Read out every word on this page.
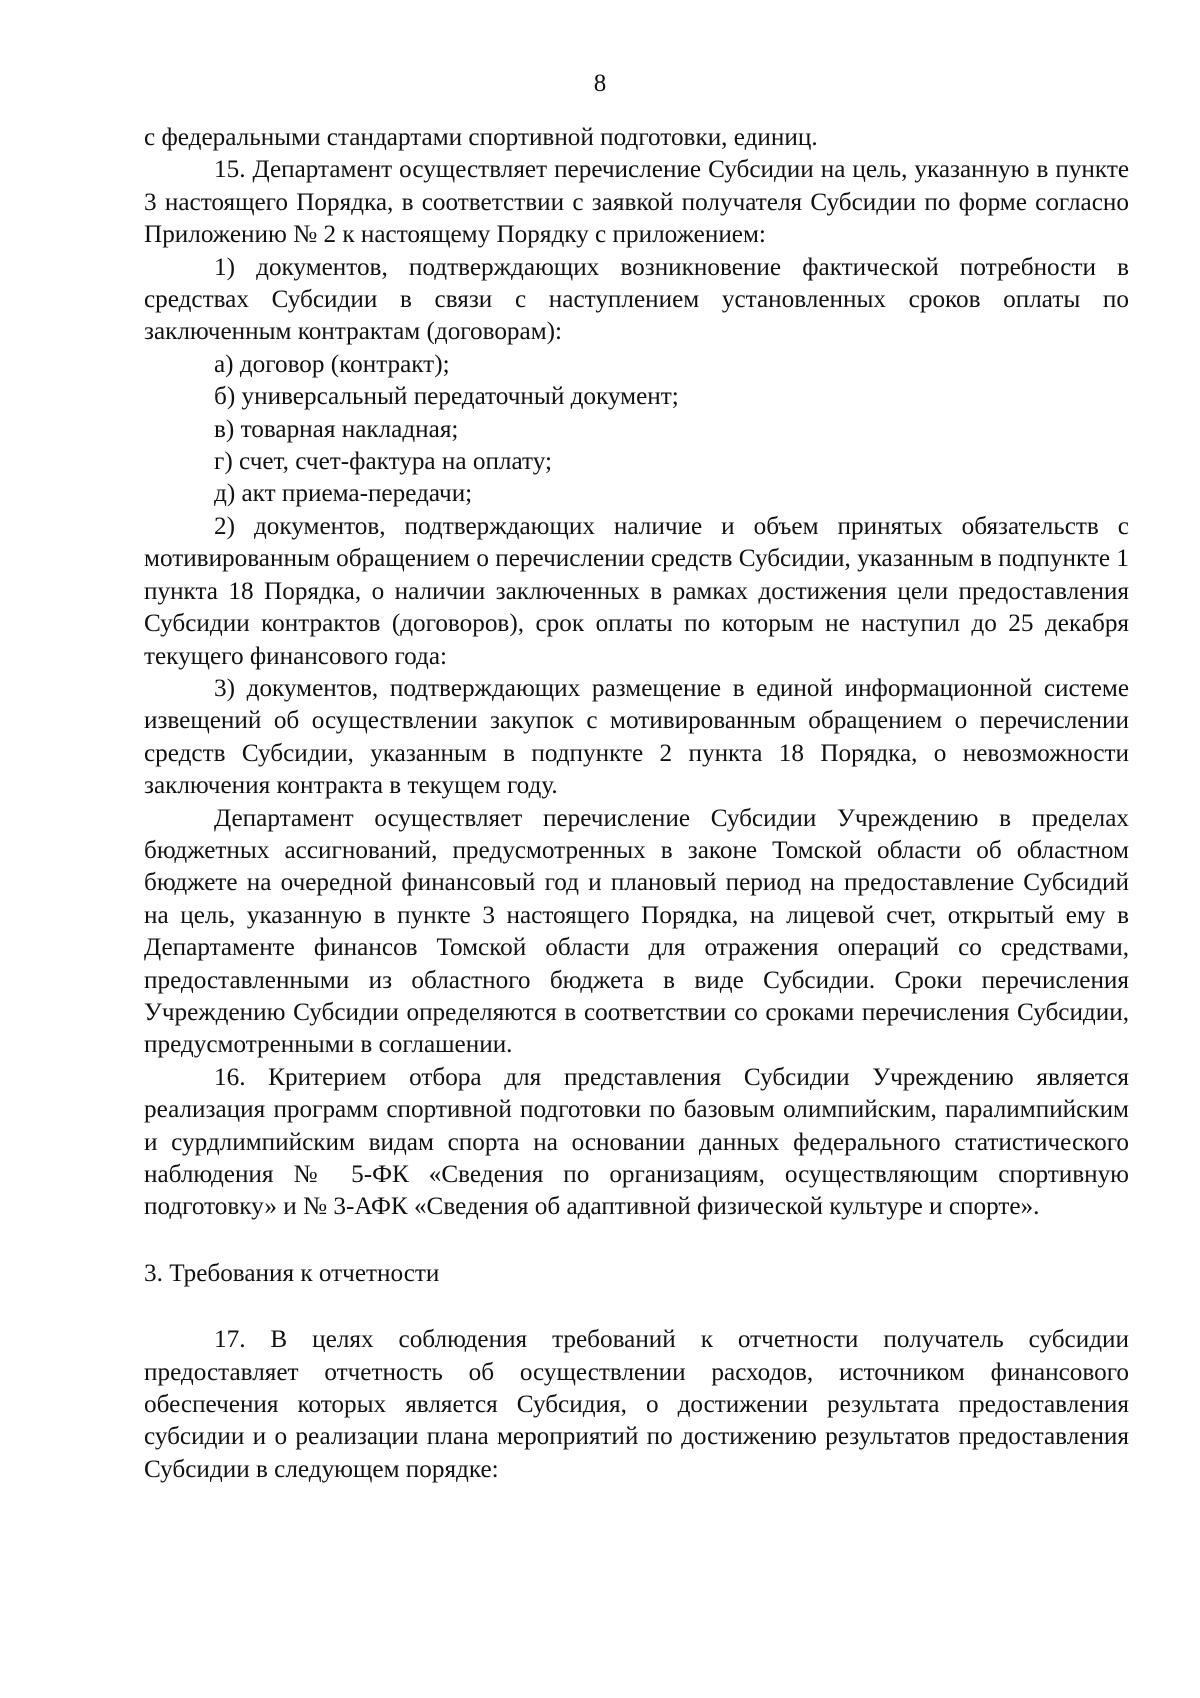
8

с федеральными стандартами спортивной подготовки, единиц.

15. Департамент осуществляет перечисление Субсидии на цель, указанную в пункте 3 настоящего Порядка, в соответствии с заявкой получателя Субсидии по форме согласно Приложению № 2 к настоящему Порядку с приложением:

1) документов, подтверждающих возникновение фактической потребности в средствах Субсидии в связи с наступлением установленных сроков оплаты по заключенным контрактам (договорам):

а) договор (контракт);

б) универсальный передаточный документ;

в) товарная накладная;

г) счет, счет-фактура на оплату;

д) акт приема-передачи;

2) документов, подтверждающих наличие и объем принятых обязательств с мотивированным обращением о перечислении средств Субсидии, указанным в подпункте 1 пункта 18 Порядка, о наличии заключенных в рамках достижения цели предоставления Субсидии контрактов (договоров), срок оплаты по которым не наступил до 25 декабря текущего финансового года:

3) документов, подтверждающих размещение в единой информационной системе извещений об осуществлении закупок с мотивированным обращением о перечислении средств Субсидии, указанным в подпункте 2 пункта 18 Порядка, о невозможности заключения контракта в текущем году.

Департамент осуществляет перечисление Субсидии Учреждению в пределах бюджетных ассигнований, предусмотренных в законе Томской области об областном бюджете на очередной финансовый год и плановый период на предоставление Субсидий на цель, указанную в пункте 3 настоящего Порядка, на лицевой счет, открытый ему в Департаменте финансов Томской области для отражения операций со средствами, предоставленными из областного бюджета в виде Субсидии. Сроки перечисления Учреждению Субсидии определяются в соответствии со сроками перечисления Субсидии, предусмотренными в соглашении.

16. Критерием отбора для представления Субсидии Учреждению является реализация программ спортивной подготовки по базовым олимпийским, паралимпийским и сурдлимпийским видам спорта на основании данных федерального статистического наблюдения № 5-ФК «Сведения по организациям, осуществляющим спортивную подготовку» и № 3-АФК «Сведения об адаптивной физической культуре и спорте».

3. Требования к отчетности

17. В целях соблюдения требований к отчетности получатель субсидии предоставляет отчетность об осуществлении расходов, источником финансового обеспечения которых является Субсидия, о достижении результата предоставления субсидии и о реализации плана мероприятий по достижению результатов предоставления Субсидии в следующем порядке:
